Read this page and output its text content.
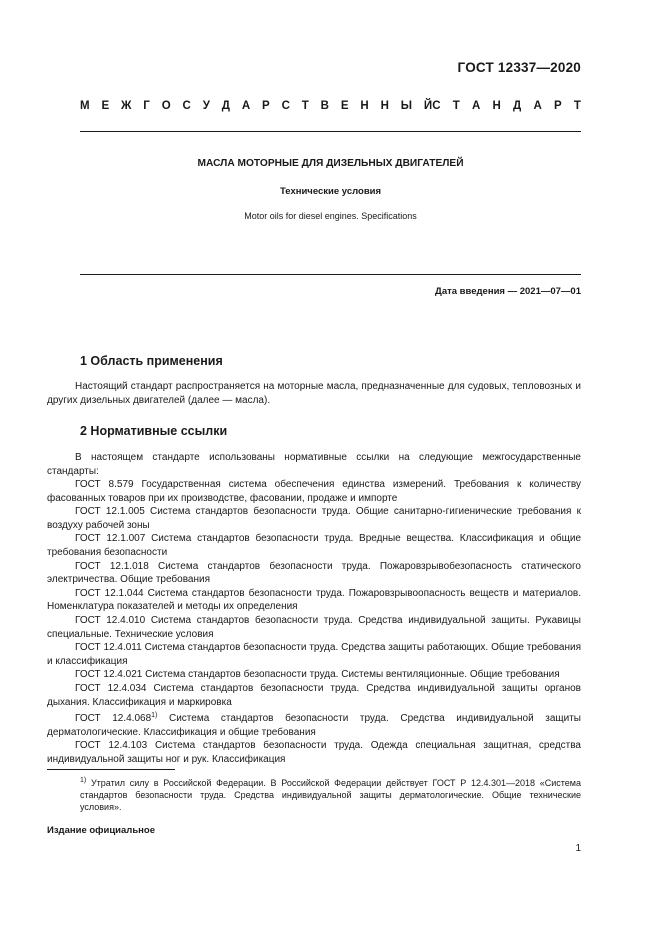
ГОСТ 12337—2020
М Е Ж Г О С У Д А Р С Т В Е Н Н Ы Й С Т А Н Д А Р Т
МАСЛА МОТОРНЫЕ ДЛЯ ДИЗЕЛЬНЫХ ДВИГАТЕЛЕЙ
Технические условия
Motor oils for diesel engines. Specifications
Дата введения — 2021—07—01
1 Область применения
Настоящий стандарт распространяется на моторные масла, предназначенные для судовых, тепловозных и других дизельных двигателей (далее — масла).
2 Нормативные ссылки
В настоящем стандарте использованы нормативные ссылки на следующие межгосударственные стандарты:
ГОСТ 8.579 Государственная система обеспечения единства измерений. Требования к количеству фасованных товаров при их производстве, фасовании, продаже и импорте
ГОСТ 12.1.005 Система стандартов безопасности труда. Общие санитарно-гигиенические требования к воздуху рабочей зоны
ГОСТ 12.1.007 Система стандартов безопасности труда. Вредные вещества. Классификация и общие требования безопасности
ГОСТ 12.1.018 Система стандартов безопасности труда. Пожаровзрывобезопасность статического электричества. Общие требования
ГОСТ 12.1.044 Система стандартов безопасности труда. Пожаровзрывоопасность веществ и материалов. Номенклатура показателей и методы их определения
ГОСТ 12.4.010 Система стандартов безопасности труда. Средства индивидуальной защиты. Рукавицы специальные. Технические условия
ГОСТ 12.4.011 Система стандартов безопасности труда. Средства защиты работающих. Общие требования и классификация
ГОСТ 12.4.021 Система стандартов безопасности труда. Системы вентиляционные. Общие требования
ГОСТ 12.4.034 Система стандартов безопасности труда. Средства индивидуальной защиты органов дыхания. Классификация и маркировка
ГОСТ 12.4.068$^{1)}$ Система стандартов безопасности труда. Средства индивидуальной защиты дерматологические. Классификация и общие требования
ГОСТ 12.4.103 Система стандартов безопасности труда. Одежда специальная защитная, средства индивидуальной защиты ног и рук. Классификация
$^{1)}$ Утратил силу в Российской Федерации. В Российской Федерации действует ГОСТ Р 12.4.301—2018 «Система стандартов безопасности труда. Средства индивидуальной защиты дерматологические. Общие технические условия».
Издание официальное
1
